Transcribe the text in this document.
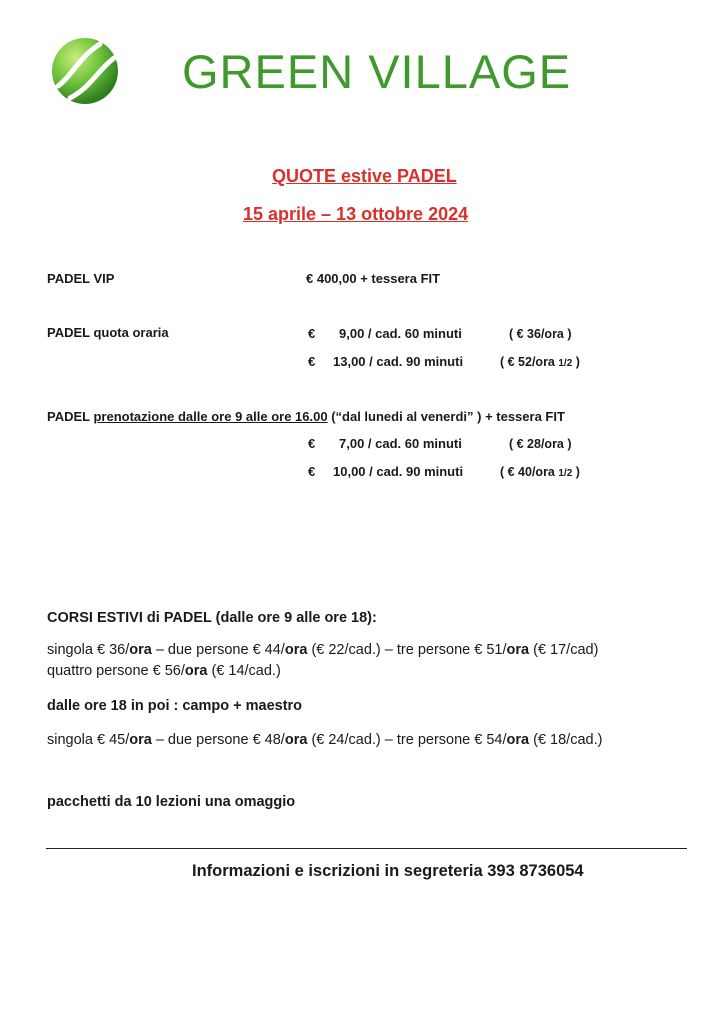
GREEN VILLAGE
QUOTE estive PADEL
15 aprile – 13 ottobre 2024
PADEL VIP	€ 400,00 + tessera FIT
PADEL quota oraria	€ 9,00 / cad. 60 minuti	( € 36/ora )
€ 13,00 / cad. 90 minuti	( € 52/ora 1/2 )
PADEL prenotazione dalle ore 9 alle ore 16.00 (“dal lunedi al venerdi” ) + tessera FIT
€ 7,00 / cad. 60 minuti	( € 28/ora )
€ 10,00 / cad. 90 minuti	( € 40/ora 1/2 )
CORSI ESTIVI di PADEL (dalle ore 9 alle ore 18):
singola € 36/ora – due persone € 44/ora (€ 22/cad.) – tre persone € 51/ora (€ 17/cad)
quattro persone € 56/ora (€ 14/cad.)
dalle ore 18 in poi : campo + maestro
singola € 45/ora – due persone € 48/ora (€ 24/cad.) – tre persone € 54/ora (€ 18/cad.)
pacchetti da 10 lezioni una omaggio
Informazioni e iscrizioni in segreteria 393 8736054
